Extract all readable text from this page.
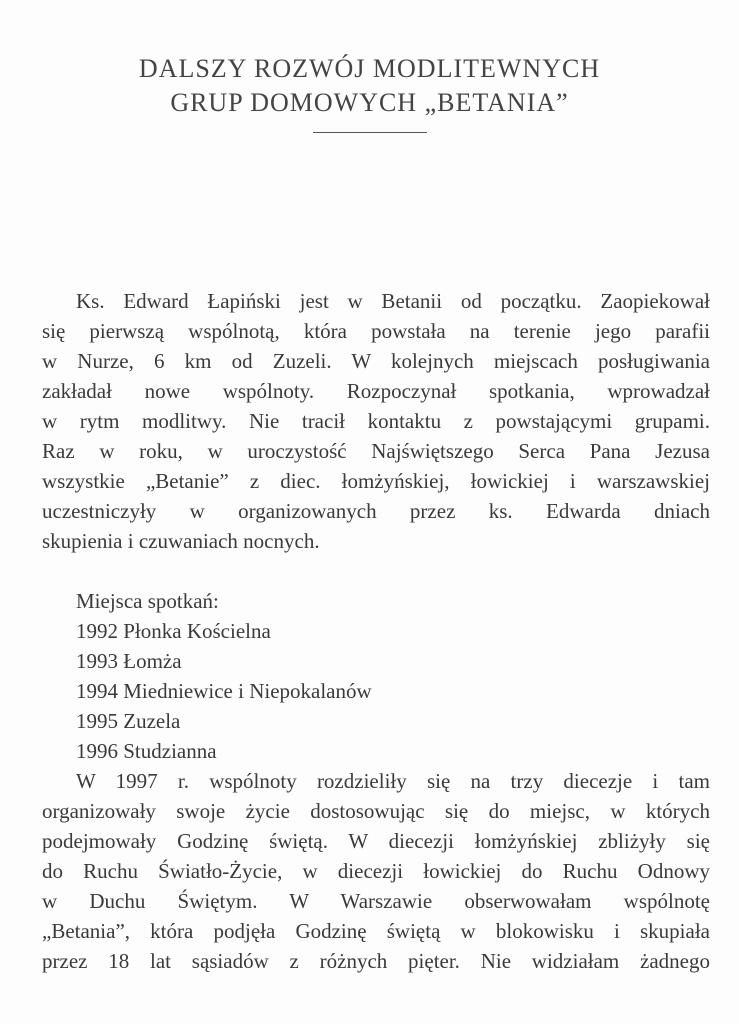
DALSZY ROZWÓJ MODLITEWNYCH
GRUP DOMOWYCH „BETANIA”
Ks. Edward Łapiński jest w Betanii od początku. Zaopiekował
się pierwszą wspólnotą, która powstała na terenie jego parafii
w Nurze, 6 km od Zuzeli. W kolejnych miejscach posługiwania
zakładał nowe wspólnoty. Rozpoczynał spotkania, wprowadzał
w rytm modlitwy. Nie tracił kontaktu z powstającymi grupami.
Raz w roku, w uroczystość Najświętszego Serca Pana Jezusa
wszystkie „Betanie” z diec. łomżyńskiej, łowickiej i warszawskiej
uczestniczyły w organizowanych przez ks. Edwarda dniach
skupienia i czuwaniach nocnych.
Miejsca spotkań:
1992 Płonka Kościelna
1993 Łomża
1994 Miedniewice i Niepokalanów
1995 Zuzela
1996 Studzianna
W 1997 r. wspólnoty rozdzieliły się na trzy diecezje i tam
organizowały swoje życie dostosowując się do miejsc, w których
podejmowały Godzinę świętą. W diecezji łomżyńskiej zbliżyły się
do Ruchu Światło-Życie, w diecezji łowickiej do Ruchu Odnowy
w Duchu Świętym. W Warszawie obserwowałam wspólnotę
„Betania”, która podjęła Godzinę świętą w blokowisku i skupiała
przez 18 lat sąsiadów z różnych pięter. Nie widziałam żadnego
